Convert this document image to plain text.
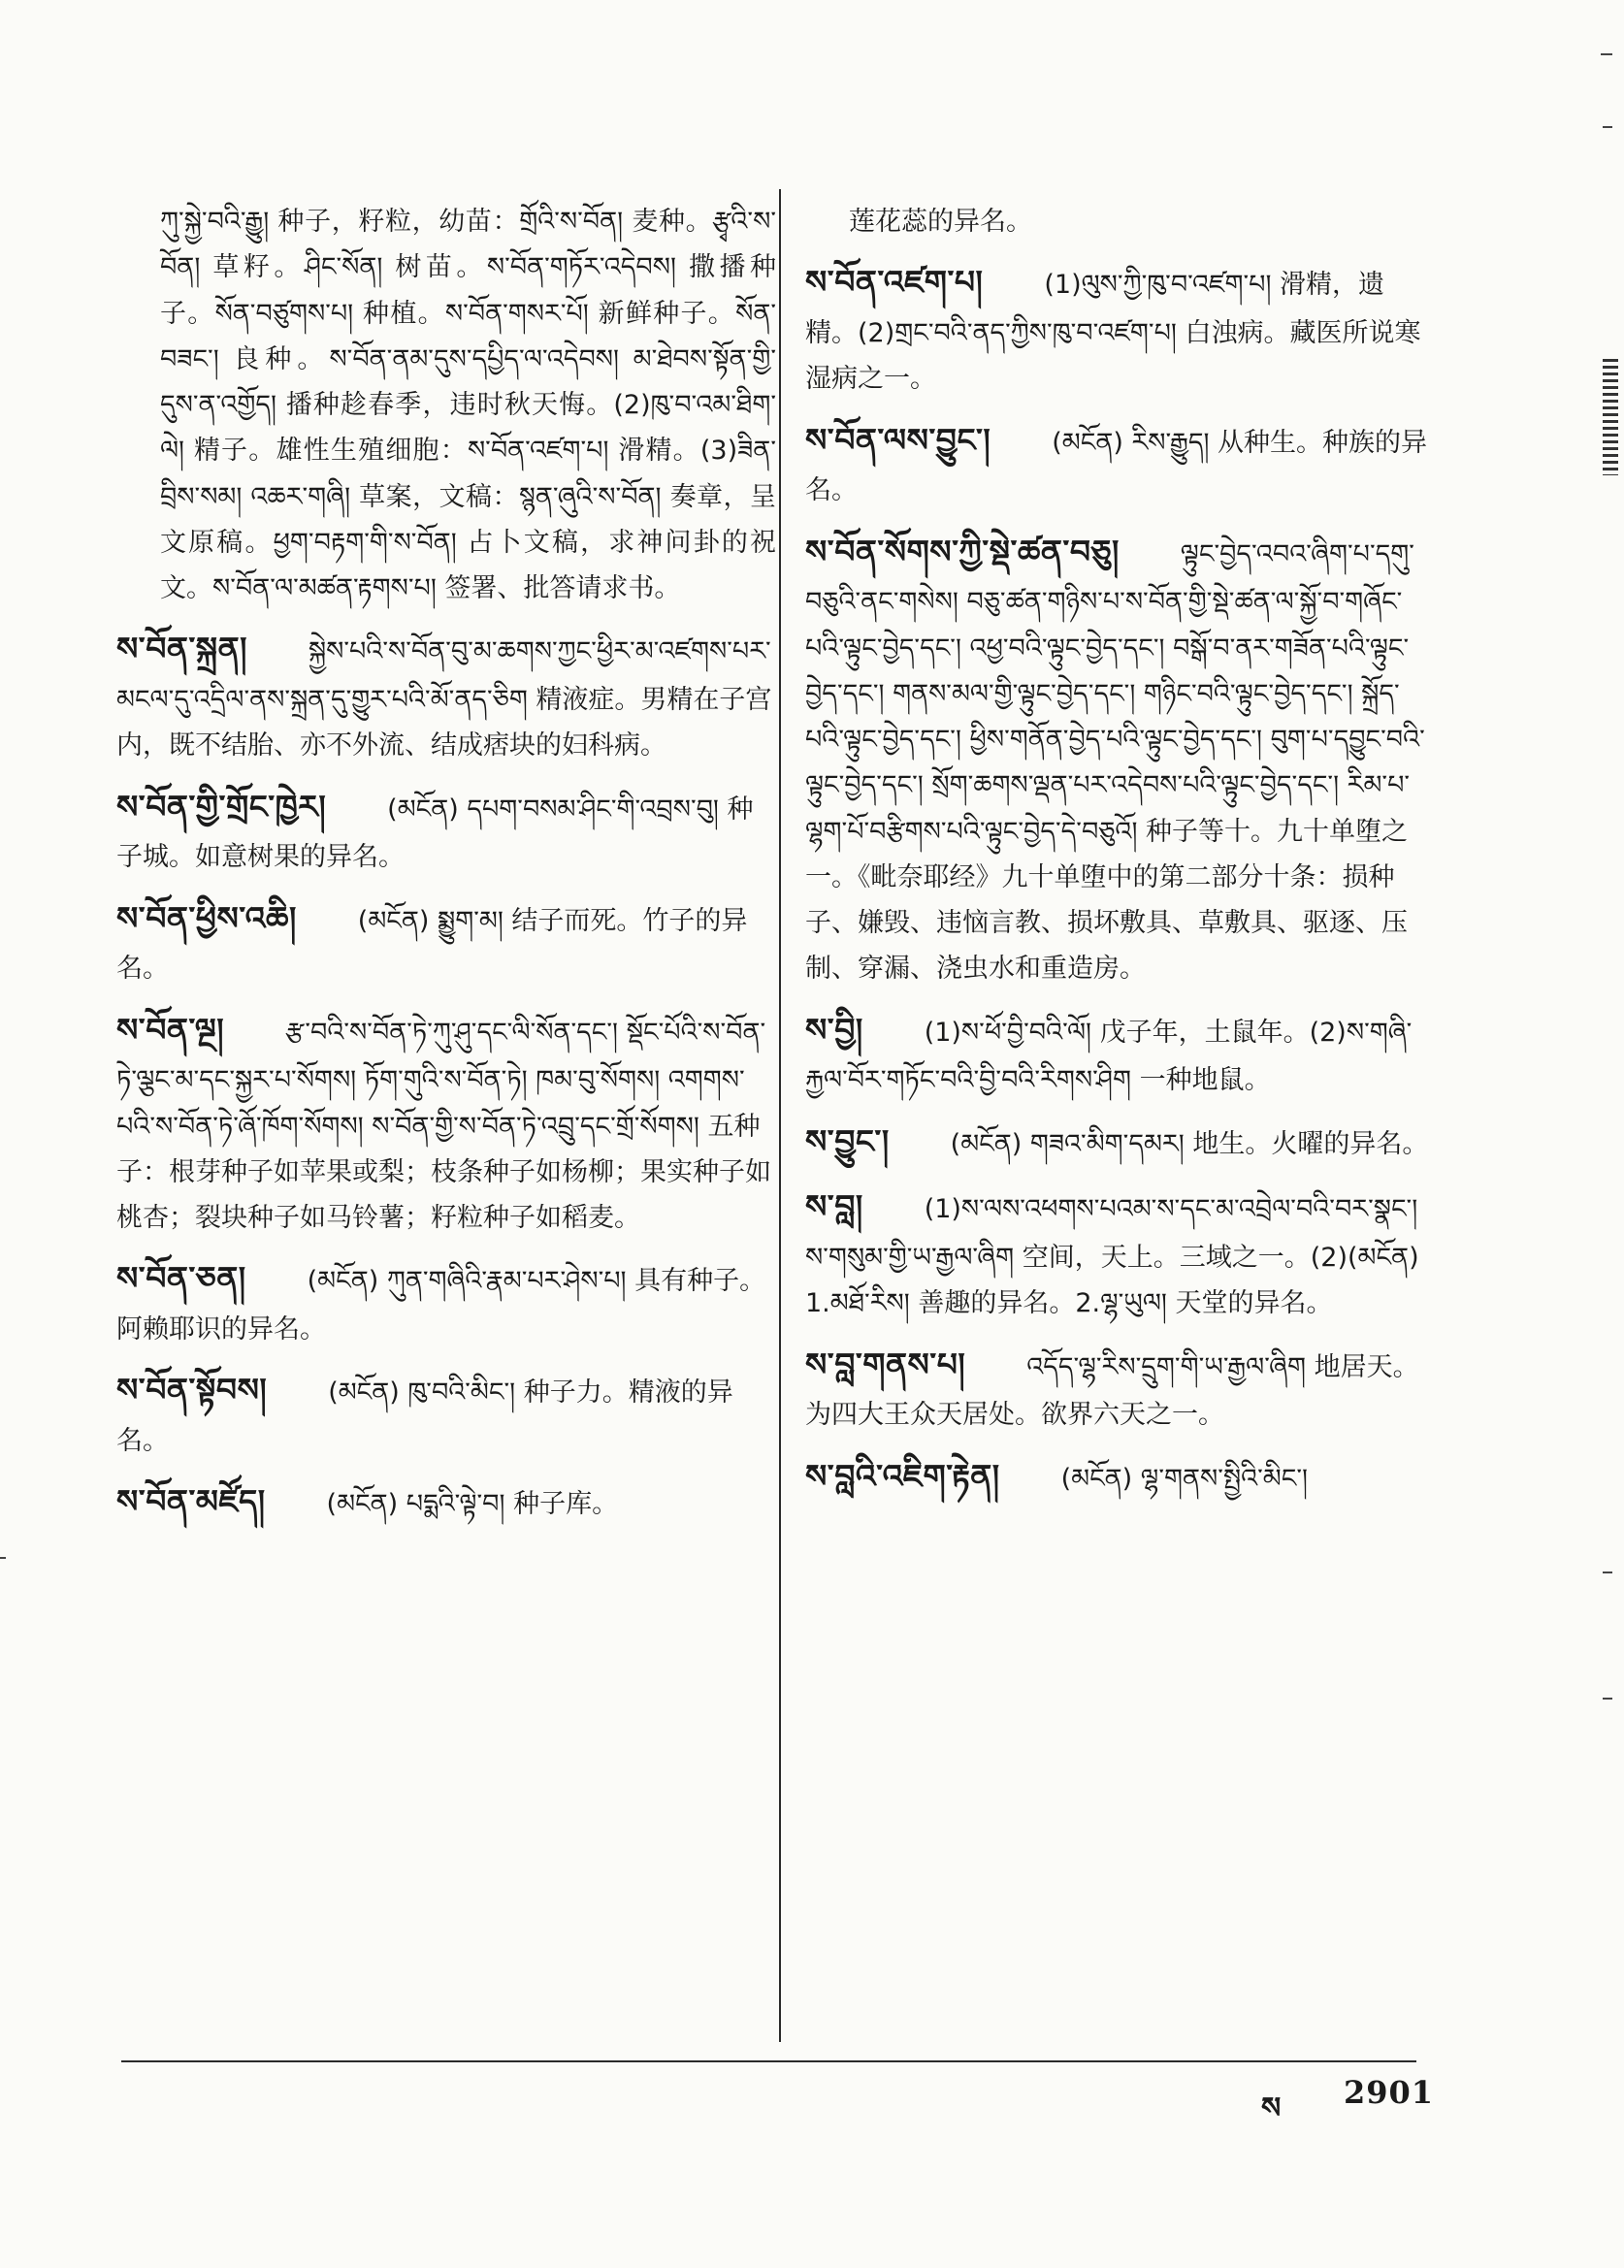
ཀུ་སྐྱེ་བའི་རྒྱུ། 种子，籽粒，幼苗：གྲོའི་ས་བོན། 麦种。རྩྭའི་ས་བོན། 草籽。ཤིང་སོན། 树苗。ས་བོན་གཏོར་འདེབས། 撒播种子。སོན་བཙུགས་པ། 种植。ས་བོན་གསར་པོ། 新鲜种子。སོན་བཟང་། 良种。ས་བོན་ནམ་དུས་དཔྱིད་ལ་འདེབས། མ་ཐེབས་སྟོན་གྱི་དུས་ན་འགྱོད། 播种趁春季，违时秋天悔。(2)ཁུ་བ་འམ་ཐིག་ལེ། 精子。雄性生殖细胞：ས་བོན་འཛག་པ། 滑精。(3)ཟིན་བྲིས་སམ། འཆར་གཞི། 草案，文稿：སྙན་ཞུའི་ས་བོན། 奏章，呈文原稿。ཕྱག་བརྟག་གི་ས་བོན། 占卜文稿，求神问卦的祝文。ས་བོན་ལ་མཚན་རྟགས་པ། 签署、批答请求书。
ས་བོན་སྐྲན། སྐྱེས་པའི་ས་བོན་བུ་མ་ཆགས་ཀྱང་ཕྱིར་མ་འཛགས་པར་མངལ་དུ་འདྲིལ་ནས་སྐྲན་དུ་གྱུར་པའི་མོ་ནད་ཅིག 精液症。男精在子宫内，既不结胎、亦不外流、结成痞块的妇科病。
ས་བོན་གྱི་གྲོང་ཁྱེར། (མངོན) དཔག་བསམ་ཤིང་གི་འབྲས་བུ། 种子城。如意树果的异名。
ས་བོན་ཕྱིས་འཆི། (མངོན) སྨྱུག་མ། 结子而死。竹子的异名。
ས་བོན་ལྔ། རྩ་བའི་ས་བོན་ཏེ་ཀུ་ཤུ་དང་ལི་སོན་དང་། སྡོང་པོའི་ས་བོན་ཏེ་ལྕང་མ་དང་སྐྱར་པ་སོགས། ཏོག་གུའི་ས་བོན་ཏེ། ཁམ་བུ་སོགས། འགགས་པའི་ས་བོན་ཏེ་ཞོ་ཁོག་སོགས། ས་བོན་གྱི་ས་བོན་ཏེ་འབྲུ་དང་གྲོ་སོགས། 五种子：根芽种子如苹果或梨；枝条种子如杨柳；果实种子如桃杏；裂块种子如马铃薯；籽粒种子如稻麦。
ས་བོན་ཅན། (མངོན) ཀུན་གཞིའི་རྣམ་པར་ཤེས་པ། 具有种子。阿赖耶识的异名。
ས་བོན་སྟོབས། (མངོན) ཁུ་བའི་མིང་། 种子力。精液的异名。
ས་བོན་མཛོད། (མངོན) པདྨའི་ལྟེ་བ། 种子库。
莲花蕊的异名。
ས་བོན་འཛག་པ། (1)ལུས་ཀྱི་ཁུ་བ་འཛག་པ། 滑精，遗精。(2)གྲང་བའི་ནད་ཀྱིས་ཁུ་བ་འཛག་པ། 白浊病。藏医所说寒湿病之一。
ས་བོན་ལས་བྱུང་། (མངོན) རིས་རྒྱུད། 从种生。种族的异名。
ས་བོན་སོགས་ཀྱི་སྡེ་ཚན་བཅུ། ལྟུང་བྱེད་འབའ་ཞིག་པ་དགུ་བཅུའི་ནང་གསེས། བཅུ་ཚན་གཉིས་པ་ས་བོན་གྱི་སྡེ་ཚན་ལ་སྐྱོ་བ་གཞོང་པའི་ལྟུང་བྱེད་དང་། འཕྱ་བའི་ལྟུང་བྱེད་དང་། བསྒོ་བ་ནར་གཟོན་པའི་ལྟུང་བྱེད་དང་། གནས་མལ་གྱི་ལྟུང་བྱེད་དང་། གཉིང་བའི་ལྟུང་བྱེད་དང་། སྐྲོད་པའི་ལྟུང་བྱེད་དང་། ཕྱིས་གནོན་བྱེད་པའི་ལྟུང་བྱེད་དང་། བུག་པ་དབྱུང་བའི་ལྟུང་བྱེད་དང་། སྲོག་ཆགས་ལྡན་པར་འདེབས་པའི་ལྟུང་བྱེད་དང་། རིམ་པ་ལྷག་པོ་བརྩིགས་པའི་ལྟུང་བྱེད་དེ་བཅུའོ། 种子等十。九十单堕之一。《毗奈耶经》九十单堕中的第二部分十条：损种子、嫌毁、违恼言教、损坏敷具、草敷具、驱逐、压制、穿漏、浇虫水和重造房。
ས་བྱི། (1)ས་ཕོ་བྱི་བའི་ལོ། 戊子年，土鼠年。(2)ས་གཞི་རྐྱལ་བོར་གཏོང་བའི་བྱི་བའི་རིགས་ཤིག 一种地鼠。
ས་བྱུང་། (མངོན) གཟའ་མིག་དམར། 地生。火曜的异名。
ས་བླ། (1)ས་ལས་འཕགས་པའམ་ས་དང་མ་འབྲེལ་བའི་བར་སྣང་། ས་གསུམ་གྱི་ཡ་རྒྱལ་ཞིག 空间，天上。三域之一。(2)(མངོན) 1.མཐོ་རིས། 善趣的异名。2.ལྷ་ཡུལ། 天堂的异名。
ས་བླ་གནས་པ། འདོད་ལྷ་རིས་དྲུག་གི་ཡ་རྒྱལ་ཞིག 地居天。为四大王众天居处。欲界六天之一。
ས་བླའི་འཇིག་རྟེན། (མངོན) ལྷ་གནས་སྤྱིའི་མིང་།
ས 2901
